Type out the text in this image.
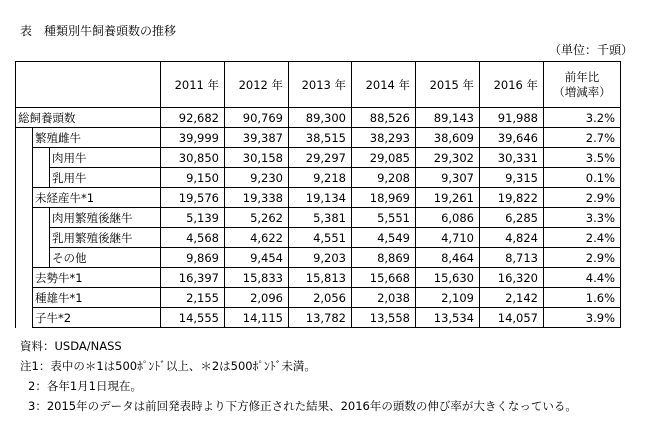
表　種類別牛飼養頭数の推移
（単位：千頭）
			2011 年	2012 年	2013 年	2014 年	2015 年	2016 年	前年比
（増減率）
総飼養頭数			92,682	90,769	89,300	88,526	89,143	91,988	3.2%
	繁殖雌牛		39,999	39,387	38,515	38,293	38,609	39,646	2.7%
		肉用牛	30,850	30,158	29,297	29,085	29,302	30,331	3.5%
		乳用牛	9,150	9,230	9,218	9,208	9,307	9,315	0.1%
	未経産牛*1		19,576	19,338	19,134	18,969	19,261	19,822	2.9%
		肉用繁殖後継牛	5,139	5,262	5,381	5,551	6,086	6,285	3.3%
		乳用繁殖後継牛	4,568	4,622	4,551	4,549	4,710	4,824	2.4%
		その他	9,869	9,454	9,203	8,869	8,464	8,713	2.9%
	去勢牛*1		16,397	15,833	15,813	15,668	15,630	16,320	4.4%
	種雄牛*1		2,155	2,096	2,056	2,038	2,109	2,142	1.6%
	子牛*2		14,555	14,115	13,782	13,558	13,534	14,057	3.9%
資料：USDA/NASS
注1：表中の＊1は500ﾎﾟﾝﾄﾞ以上、＊2は500ﾎﾟﾝﾄﾞ未満。
2：各年1月1日現在。
3：2015年のデータは前回発表時より下方修正された結果、2016年の頭数の伸び率が大きくなっている。
